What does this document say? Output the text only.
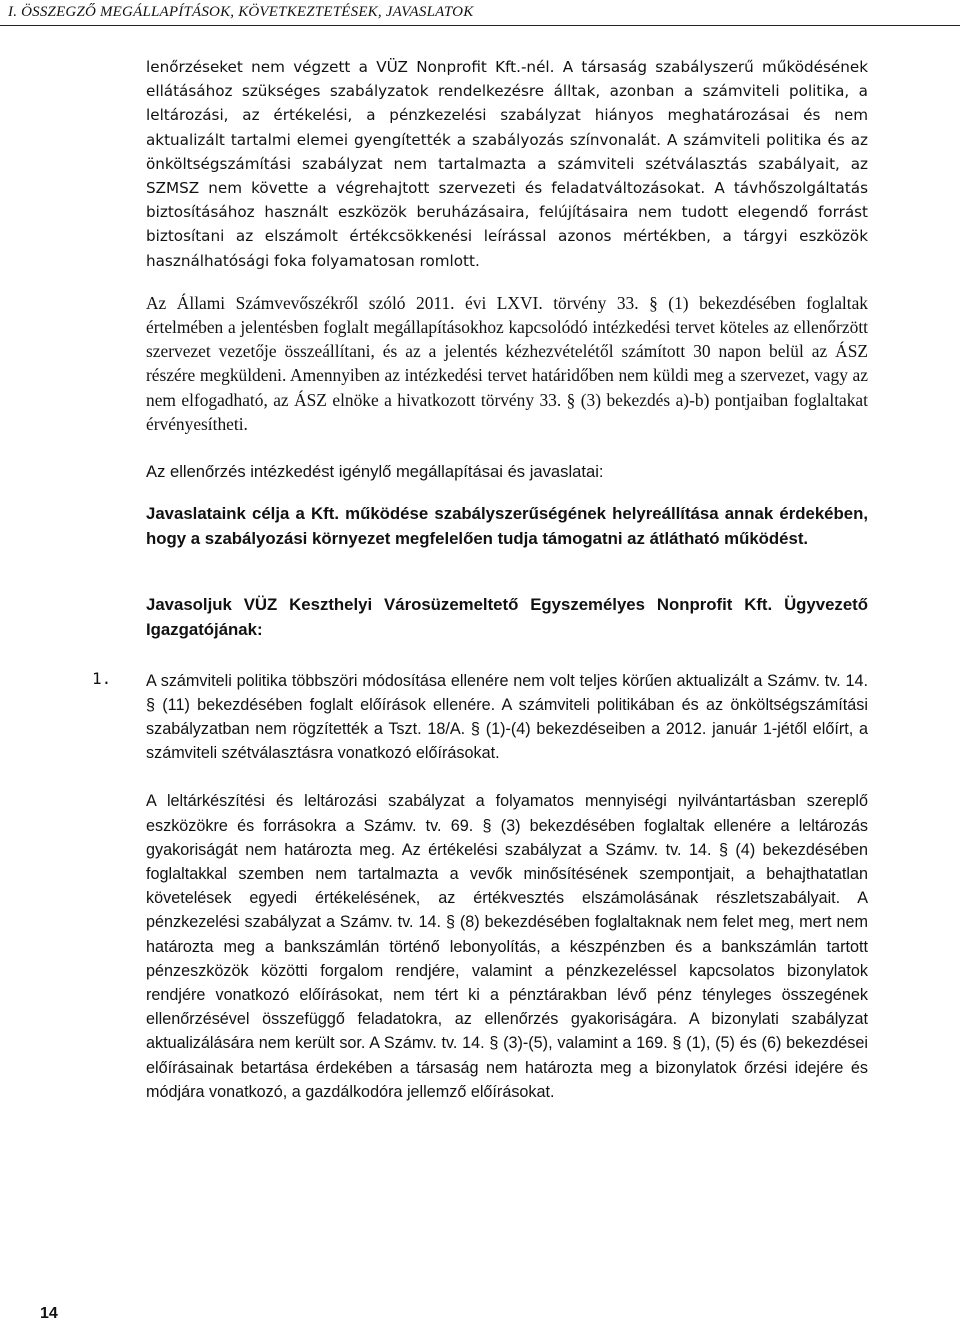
I. ÖSSZEGZŐ MEGÁLLAPÍTÁSOK, KÖVETKEZTETÉSEK, JAVASLATOK

lenőrzéseket nem végzett a VÜZ Nonprofit Kft.-nél. A társaság szabályszerű működésének ellátásához szükséges szabályzatok rendelkezésre álltak, azonban a számviteli politika, a leltározási, az értékelési, a pénzkezelési szabályzat hiányos meghatározásai és nem aktualizált tartalmi elemei gyengítették a szabályozás színvonalát. A számviteli politika és az önköltségszámítási szabályzat nem tartalmazta a számviteli szétválasztás szabályait, az SZMSZ nem követte a végrehajtott szervezeti és feladatváltozásokat. A távhőszolgáltatás biztosításához használt eszközök beruházásaira, felújításaira nem tudott elegendő forrást biztosítani az elszámolt értékcsökkenési leírással azonos mértékben, a tárgyi eszközök használhatósági foka folyamatosan romlott.

Az Állami Számvevőszékről szóló 2011. évi LXVI. törvény 33. § (1) bekezdésében foglaltak értelmében a jelentésben foglalt megállapításokhoz kapcsolódó intézkedési tervet köteles az ellenőrzött szervezet vezetője összeállítani, és az a jelentés kézhezvételétől számított 30 napon belül az ÁSZ részére megküldeni. Amennyiben az intézkedési tervet határidőben nem küldi meg a szervezet, vagy az nem elfogadható, az ÁSZ elnöke a hivatkozott törvény 33. § (3) bekezdés a)-b) pontjaiban foglaltakat érvényesítheti.

Az ellenőrzés intézkedést igénylő megállapításai és javaslatai:

Javaslataink célja a Kft. működése szabályszerűségének helyreállítása annak érdekében, hogy a szabályozási környezet megfelelően tudja támogatni az átlátható működést.

Javasoljuk VÜZ Keszthelyi Városüzemeltető Egyszemélyes Nonprofit Kft. Ügyvezető Igazgatójának:

1. A számviteli politika többszöri módosítása ellenére nem volt teljes körűen aktualizált a Számv. tv. 14. § (11) bekezdésében foglalt előírások ellenére. A számviteli politikában és az önköltségszámítási szabályzatban nem rögzítették a Tszt. 18/A. § (1)-(4) bekezdéseiben a 2012. január 1-jétől előírt, a számviteli szétválasztásra vonatkozó előírásokat.

A leltárkészítési és leltározási szabályzat a folyamatos mennyiségi nyilvántartásban szereplő eszközökre és forrásokra a Számv. tv. 69. § (3) bekezdésében foglaltak ellenére a leltározás gyakoriságát nem határozta meg. Az értékelési szabályzat a Számv. tv. 14. § (4) bekezdésében foglaltakkal szemben nem tartalmazta a vevők minősítésének szempontjait, a behajthatatlan követelések egyedi értékelésének, az értékvesztés elszámolásának részletszabályait. A pénzkezelési szabályzat a Számv. tv. 14. § (8) bekezdésében foglaltaknak nem felet meg, mert nem határozta meg a bankszámlán történő lebonyolítás, a készpénzben és a bankszámlán tartott pénzeszközök közötti forgalom rendjére, valamint a pénzkezeléssel kapcsolatos bizonylatok rendjére vonatkozó előírásokat, nem tért ki a pénztárakban lévő pénz tényleges összegének ellenőrzésével összefüggő feladatokra, az ellenőrzés gyakoriságára. A bizonylati szabályzat aktualizálására nem került sor. A Számv. tv. 14. § (3)-(5), valamint a 169. § (1), (5) és (6) bekezdései előírásainak betartása érdekében a társaság nem határozta meg a bizonylatok őrzési idejére és módjára vonatkozó, a gazdálkodóra jellemző előírásokat.

14
